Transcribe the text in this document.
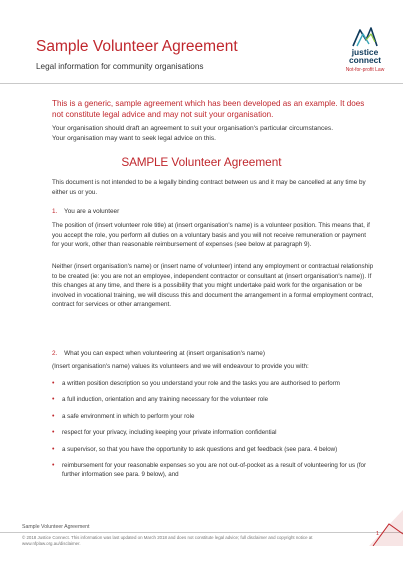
Sample Volunteer Agreement
Legal information for community organisations
justice
connect
Not-for-profit Law
This is a generic, sample agreement which has been developed as an example. It does not constitute legal advice and may not suit your organisation.
Your organisation should draft an agreement to suit your organisation's particular circumstances.
Your organisation may want to seek legal advice on this.
SAMPLE Volunteer Agreement
This document is not intended to be a legally binding contract between us and it may be cancelled at any time by either us or you.
1. You are a volunteer
The position of (insert volunteer role title) at (insert organisation's name) is a volunteer position. This means that, if you accept the role, you perform all duties on a voluntary basis and you will not receive remuneration or payment for your work, other than reasonable reimbursement of expenses (see below at paragraph 9).
Neither (insert organisation's name) or (insert name of volunteer) intend any employment or contractual relationship to be created (ie: you are not an employee, independent contractor or consultant at (insert organisation's name)). If this changes at any time, and there is a possibility that you might undertake paid work for the organisation or be involved in vocational training, we will discuss this and document the arrangement in a formal employment contract, contract for services or other arrangement.
2. What you can expect when volunteering at (insert organisation's name)
(Insert organisation's name) values its volunteers and we will endeavour to provide you with:
• a written position description so you understand your role and the tasks you are authorised to perform
• a full induction, orientation and any training necessary for the volunteer role
• a safe environment in which to perform your role
• respect for your privacy, including keeping your private information confidential
• a supervisor, so that you have the opportunity to ask questions and get feedback (see para. 4 below)
• reimbursement for your reasonable expenses so you are not out-of-pocket as a result of volunteering for us (for further information see para. 9 below), and
Sample Volunteer Agreement
© 2018 Justice Connect. This information was last updated on March 2018 and does not constitute legal advice; full disclaimer and copyright notice at www.nfplaw.org.au/disclaimer.
1
